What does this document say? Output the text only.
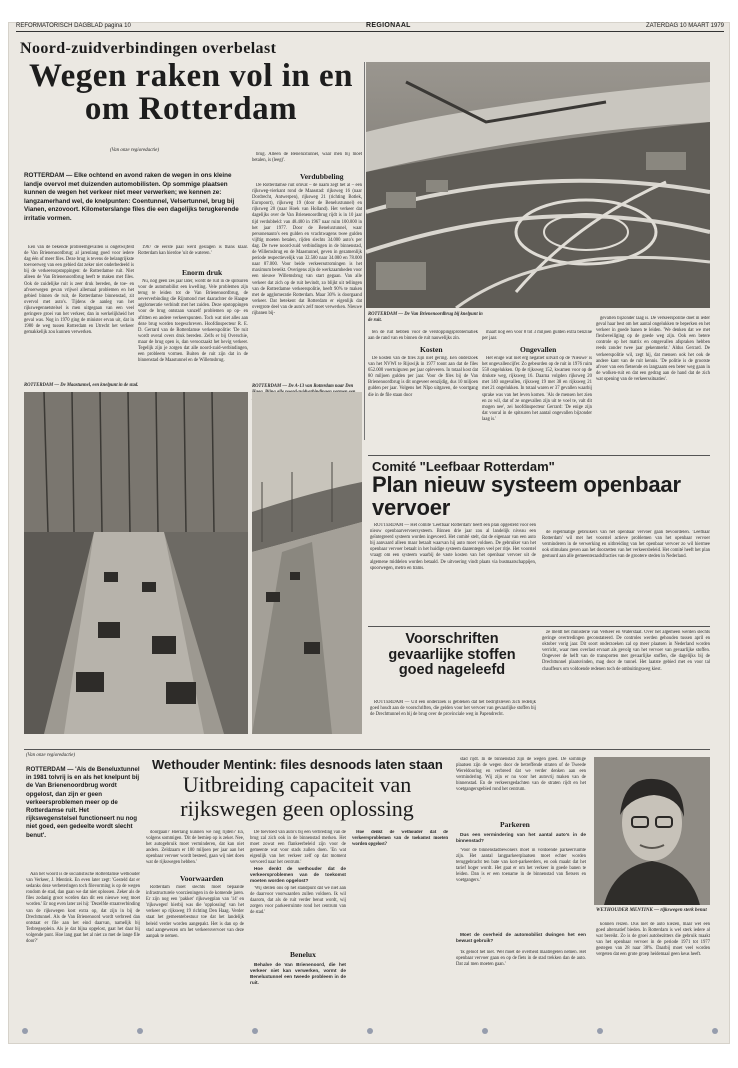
REFORMATORISCH DAGBLAD pagina 10	REGIONAAL	ZATERDAG 10 MAART 1979
Noord-zuidverbindingen overbelast
Wegen raken vol in en om Rotterdam
(Van onze regioredactie)
ROTTERDAM — Elke ochtend en avond raken de wegen in ons kleine landje overvol met duizenden automobilisten. Op sommige plaatsen kunnen de wegen het verkeer niet meer verwerken; we kennen ze: langzamerhand wel, de knelpunten: Coentunnel, Velsertunnel, brug bij Vianen, enzovoort. Kilometerslange files die een dagelijks terugkerende irritatie vormen.

Een van de bekende probleemgevallen is ongetwijfeld de Van Brienenoordbrug; al jarenlang goed voor iedere dag één of meer files. Deze brug is tevens de belangrijkste toevoerweg van een gebied dat zeker niet onderbedeeld is bij de verkeersopstoppingen: de Rotterdamse ruit. Niet alleen de Van Brienenoordbrug heeft te maken met files. Ook de zuidelijke ruit is zeer druk bereden, de toe- en afvoerwegen gevan vrijwel allemaal problemen en het gebied binnen de ruit, de Rotterdamse binnenstad, zit overvol met auto's. Tijdens de aanleg van het rijkswegennetstelsel is men uitgegaan van een veel geringere groei van het verkeer, dan in werkelijkheid het geval was. Nog in 1970 ging de minister ervan uit, dat in 1980 de weg tussen Rotterdam en Utrecht het verkeer gemakkelijk zou kunnen verwerken.

1967 de eerste paal werd geslagen is thans klaar. Rotterdam kan hierdoe 'uit de wateren.'

Enorm druk

Nu, nog geen zes jaar later, wordt de ruit in de spitsuren voor de automobilist een kwelling. Vele problemen zijn terug te leiden tot de Van Brienenoordbrug, de oeververbinding die Rijnmond met daarachter de Haagse agglomeratie verbindt met het zuiden. Deze opstoppingen voor de brug ontstaan vanzelf problemen op op- en afritten en andere verkeerspunten. Toch wat niet alles aan deze brug worden toegeschreven. Hoofdinspecteur R. E. D. Gerrard van de Rotterdamse verkeerspolitie: 'De ruit wordt overal overs druk bereden. Zelfs er bij Overschie, maar de brug open is, dan veroorzaakt het hevig verkeer. Tegelijk zijn je zorgen dat alle noord-zuid-verbindingen, een probleem vormen. Buiten de ruit zijn dat in de binnenstad de Maastunnel en de Willemsbrug.

brug. Alleen de Beneluxtunnel, waar men bij moet betalen, is (leeg)'.

Verdubbeling

De Rotterdamse ruit omvat – de naam zegt het al – een rijksweg-vierkant rond de Maasstad: rijksweg 16 (naar Dordrecht, Antwerpen), rijksweg 21 (richting Botlek, Europoort), rijksweg 19 (door de Beneluxtunnel) en rijksweg 20 (naar Hoek van Holland). Het verkeer dat dagelijks over de Van Brienenoordbrug rijdt is in 10 jaar tijd verdubbeld: van 48.400 in 1967 naar ruim 100.000 in het jaar 1977. Door de Beneluxtunnel, waar personenauto's een gulden en vrachtwagens twee gulden vijftig moeten betalen, rijden slechts 34.000 auto's per dag. De twee noord-zuid verbindingen in de binnenstad, de Willemsbrug en de Maastunnel, geven in gezamenlijk periode respectievelijk van 32.500 naar 34.000 en 78.000 naar 87.000. Voor beide verkeersstromingen is het maximum bereikt. Overigens zijn de werkzaamheden voor een nieuwe Willemsbrug van start gegaan. Van alle verkeer dat zich op de ruit bevindt, zo blijkt uit tellingen van de Rotterdamse verkeerspolitie, heeft 90% te maken met de agglomeratie Rotterdam. Maar 30% is doorgaand verkeer. Dat betekent dat Rotterdam er eigenlijk dat overgrote deel van de auto's zelf moet verwerken. Nieuwe rijbanen bij-

ROTTERDAM — De Maastunnel, een knelpunt in de stad.	ROTTERDAM — De A-13 van Rotterdam naar Den
ROTTERDAM — De Van Brienenoordbrug bij knelpunt in de ruit.

ten de ruit hebben voor de verstoppingsproblematiek aan de rand van en binnen de ruit nauwelijks zin.

Kosten

De kosten van de files zijn niet gering. Een onderzoek van het NVWI te Rijswijk in 1977 toont aan dat de files 652.000 voertuiguren per jaar opleveren. In totaal kost dat 80 miljoen gulden per jaar. Voor de files bij de Van Brienenoordbrug is dit ongeveer eenzijdig, dus 10 miljoen gulden per jaar. Volgens het NIpo uitgaven, de voortgang die in de file staan door

maart nog een voor 8 tot 3 miljoen gulden extra benzine per jaar.

Ongevallen

Het enige wat niet erg negatief uitvalt op de 'Nieuwe' is het ongevallencijfer. Zo gebeurden op de ruit in 1976 ruim 550 ongelukken. Op de rijksweg 152, kwamen voor op de drukste weg, rijksweg 16. Daarna volgden rijksweg 20 met 140 ongevallen, rijksweg 19 met 38 en rijksweg 21 met 21 ongelukken. In totaal waren er 37 gevallen waarbij sprake was van het leven komen. 'Als de mensen het zien en zo wil, dat of ze ongevallen zijn uit te voel te, valt dit mogen nee', zei hoofdinspecteur Gerrard: 'De enige zijn dat vooral in de spitsuren het aantal ongevallen bijzonder laag is.'

gevallen bijzonder laag is. De verkeerspolitie doet in ieder geval haar best om het aantal ongelukken te beperken en het verkeer in goede banen te leiden. 'We denken dat we met flexbeveiliging op de goede weg zijn. Ook een betere controle op het matrix en omgevallen afspraken hebben reeds zonder twee jaar gekenmerkt.' Aldus Gerrard. De verkeerspolitie wil, zegt hij, dat mensen ook het ook de andere kant van de ruit kennis. 'De politie is de grootste afvoer van een fietsende en langzaam een beter weg gaan in de wolken-ruit en dat een gedrag aan de hand dat de zich wat opening van de verkeerssituaties'.

Comité "Leefbaar Rotterdam"
Plan nieuw systeem openbaar vervoer

ROTTERDAM — Het comité 'Leefbaar Rotterdam' heeft een plan opgesteld voor een nieuw openbaarvervoersysteem. Binnen drie jaar zou al landelijk niveau een geïntegreerd systeem worden ingevoerd. Het comité stelt, dat de eigenaar van een auto bij aanvaard alleen maar betaalt waarvan hij auto moet voldoen. De gebruiker van het openbaar vervoer betaalt in het huidige systeem daarentegen veel per ritje. Het voorstel vraagt om een systeem waarbij de vaste kosten van het openbaar vervoer uit de algemene middelen worden betaald. De uitvoering vindt plaats via busmaatschappijen, spoorwegen, metro en trams.

de regelmatige gebruikers van het openbaar vervoer gaan bevoordelen. 'Leefbaar Rotterdam' wil met het voorstel actieve problemen van het openbaar vervoer verminderen in de verwerking en uitbreiding van het openbaar vervoer zo wil hiermee ook stimulans geven aan het doorzetten van het verkeersbeleid. Het comité heeft het plan gestuurd aan alle gemeenteraadsfracties van de grootere steden in Nederland.

Voorschriften gevaarlijke stoffen goed nageleefd

ROTTERDAM — Uit een onderzoek is gebleken dat het bedrijfsleven zich redelijk goed houdt aan de voorschriften, die gelden voor het vervoer van gevaarlijke stoffen bij de Drechttunnel en bij de brug over de provinciale weg in Papendrecht.

ze meldt het ministerie van Verkeer en Waterstaat. Over het algemeen werden slechts geringe overtredingen geconstateerd. De controles werden gehouden tussen april en oktober vorig jaar. Dit soort onderzoeken zal op meer plaatsen in Nederland worden verricht, waar men overlast ervaart als gevolg van het vervoer van gevaarlijke stoffen. Ongeveer de helft van de transporten met gevaarlijke stoffen, die dagelijks bij de Drechttunnel plaatsvinden, mag door de tunnel. Het laatste gebied met en voor tal chauffeurs om voldoende redenen toch de ombuitingsweg kiest.

(Van onze regioredactie)
Wethouder Mentink: files desnoods laten staan
Uitbreiding capaciteit van rijkswegen geen oplossing
ROTTERDAM — 'Als de Beneluxtunnel in 1981 tolvrij is en als het knelpunt bij de Van Brienenoordbrug wordt opgelost, dan zijn er geen verkeersproblemen meer op de Rotterdamse ruit. Het rijkswegenstelsel functioneert nu nog niet goed, een gedeelte wordt slecht benut'.

Aan het woord is de socialistische Rotterdamse wethouder van Verkeer, J. Mentink. En even later zegt: 'Gesteld dat er sedanks deze verbeteringen toch filevorming is op de wegen rondom de stad, dan gaan we dat niet oplossen. Zeker als de files zodanig groot worden dan dit een nieuwe weg moet worden.' Er nog even later zei hij: 'Dezelfde straatverbinding van de rijkswegen kost extra op, dat zijn in bij de Drechttunnel. Als de Van Brienenoord wordt verbreed dan ontstaat er file aan het eind daarvan, namelijk bij Terbregseplein. Als je dat bijna opgelost, gaat het daar bij volgende punt. Hoe lang gaat het al niet zo met de lange file door?'

doorgaan? Hierlang kunnen we nog rijden? En, volgens sommigen. 'Dit de bemiep op is zeker. Nee, het autogebruik moet verminderen, dat kan niet anders. Zeldzaam er 100 miljoen per jaar aan het openbaar vervoer wordt besteed, gaan wij niet doen wat de rijkswegen hebben.'

Voorwaarden

Rotterdam moet slechts moet bepaalde infrastructurele voorzieningen in de komende jaren. Er zijn nog een 'pakket' rijkswegplan van '14' en 'rijkswegen' hierbij was die 'opplossing' van het verkeer op rijksweg 19 richting Den Haag. Verder staat het gemeentebestuur toe dat het landelijk beleid verder worden aangepakt. Het is dan op de stad aangewezen om het verkeersvervoer van deze aanpak te nemen.

De toevloed van auto's bij een verbreding van de brug zal zich ook in de binnenstad merken. Het moet zowat een flankeerbeleid zijn voor de gemeente wat voor stads zullen doen. 'En wat eigenlijk van het verkeer zelf op dat moment vervoerd naar het centrum.'

Hoe denkt de wethouder dat de verkeersproblemen van de toekomst moeten worden opgelost?

'Wij stellen ons op het standpunt dat we niet aan de daarvoor voorwaarden zullen voldoen. Ik wil daarom, dat als de ruit verder benut wordt, wij zorgen voor parkeerruimte rond het centrum van de stad.'

Benelux

Behalve de Van Brienenoord, die het verkeer niet kan verwerken, vormt de Beneluxtunnel een tweede probleem in de ruit.

Hoe denkt de wethouder dat de verkeersproblemen van de toekomst moeten worden opgelost?

stad rijdt. In de binnenstad zijn de wegen goed. De sommige plaatsen zijn de wegen door de betreffende straten of de Tweede Wereldoorlog en verbreed dat we verder denken aan een vermindering. Wij zijn er nu voor het autovrij maken van de binnenstad. En de verkeersgedachten van de straten rijdt en het voetgangersgebied rond het centrum.

Parkeren

Dus een vermindering van het aantal auto's in de binnenstad?

'Voor de binnenstadbewoners moet in voldoende parkeerruimte zijn. Het aantal langparkeerplaatsen moet echter worden teruggebracht ten bate van kort-parkeerders, en ook maakt dat het tarief hoger wordt. Het gaat er om het verkeer in goede banen te leiden. Dan is er een toename in de binnenstad van fietsers en voetgangers.'

Moet de overheid de automobilist dwingen het een bewust gebruik?

'Ik geloof het niet. Wel moet de overheid maatregelen nemen. Het openbaar vervoer gaan en op de fiets in de stad trekken dan de auto. Dat zal men moeten gaan.'

WETHOUDER MENTINK — rijkswegen sterk benut

konnen reizen. Dus niet de auto kiezen, maar wel een goed alternatief bieden. In Rotterdam is wel sterk iedere al wat bereikt. Zo is de groei autobezitters die gebruik maakt van het openbaar vervoer in de periode 1971 tot 1977 gestegen van 28 naar 38%. Daarbij moet veel worden vergeten dat een grote groep heidemaal geen keus heeft.
